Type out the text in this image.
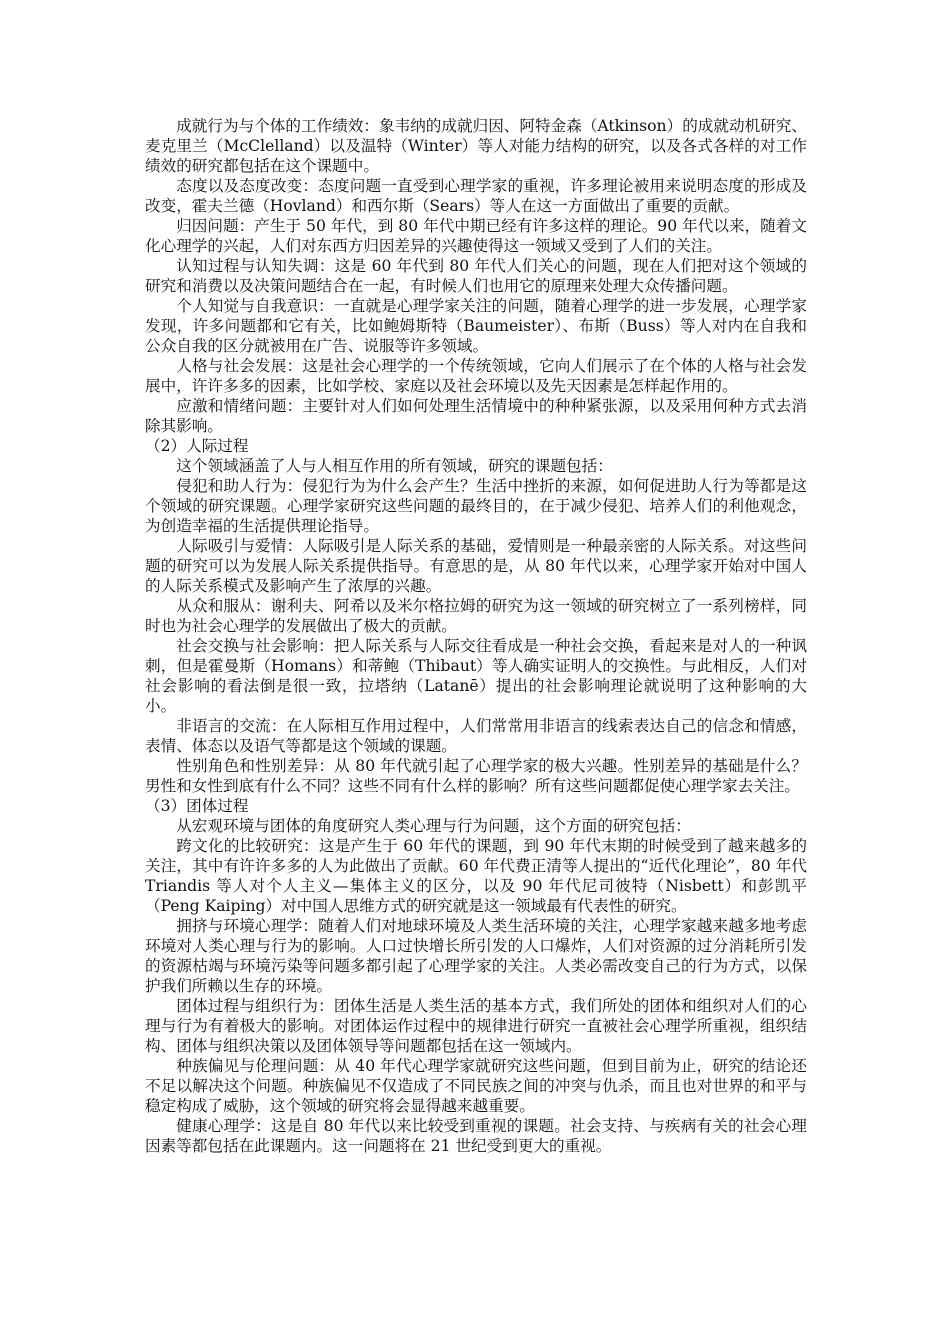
成就行为与个体的工作绩效：象韦纳的成就归因、阿特金森（Atkinson）的成就动机研究、麦克里兰（McClelland）以及温特（Winter）等人对能力结构的研究，以及各式各样的对工作绩效的研究都包括在这个课题中。

态度以及态度改变：态度问题一直受到心理学家的重视，许多理论被用来说明态度的形成及改变，霍夫兰德（Hovland）和西尔斯（Sears）等人在这一方面做出了重要的贡献。

归因问题：产生于 50 年代，到 80 年代中期已经有许多这样的理论。90 年代以来，随着文化心理学的兴起，人们对东西方归因差异的兴趣使得这一领域又受到了人们的关注。

认知过程与认知失调：这是 60 年代到 80 年代人们关心的问题，现在人们把对这个领域的研究和消费以及决策问题结合在一起，有时候人们也用它的原理来处理大众传播问题。

个人知觉与自我意识：一直就是心理学家关注的问题，随着心理学的进一步发展，心理学家发现，许多问题都和它有关，比如鲍姆斯特（Baumeister）、布斯（Buss）等人对内在自我和公众自我的区分就被用在广告、说服等许多领域。

人格与社会发展：这是社会心理学的一个传统领域，它向人们展示了在个体的人格与社会发展中，许许多多的因素，比如学校、家庭以及社会环境以及先天因素是怎样起作用的。

应激和情绪问题：主要针对人们如何处理生活情境中的种种紧张源，以及采用何种方式去消除其影响。

（2）人际过程

这个领域涵盖了人与人相互作用的所有领域，研究的课题包括：

侵犯和助人行为：侵犯行为为什么会产生？生活中挫折的来源，如何促进助人行为等都是这个领域的研究课题。心理学家研究这些问题的最终目的，在于减少侵犯、培养人们的利他观念，为创造幸福的生活提供理论指导。

人际吸引与爱情：人际吸引是人际关系的基础，爱情则是一种最亲密的人际关系。对这些问题的研究可以为发展人际关系提供指导。有意思的是，从 80 年代以来，心理学家开始对中国人的人际关系模式及影响产生了浓厚的兴趣。

从众和服从：谢利夫、阿希以及米尔格拉姆的研究为这一领域的研究树立了一系列榜样，同时也为社会心理学的发展做出了极大的贡献。

社会交换与社会影响：把人际关系与人际交往看成是一种社会交换，看起来是对人的一种讽刺，但是霍曼斯（Homans）和蒂鲍（Thibaut）等人确实证明人的交换性。与此相反，人们对社会影响的看法倒是很一致，拉塔纳（Latanē）提出的社会影响理论就说明了这种影响的大小。

非语言的交流：在人际相互作用过程中，人们常常用非语言的线索表达自己的信念和情感，表情、体态以及语气等都是这个领域的课题。

性别角色和性别差异：从 80 年代就引起了心理学家的极大兴趣。性别差异的基础是什么？男性和女性到底有什么不同？这些不同有什么样的影响？所有这些问题都促使心理学家去关注。

（3）团体过程

从宏观环境与团体的角度研究人类心理与行为问题，这个方面的研究包括：

跨文化的比较研究：这是产生于 60 年代的课题，到 90 年代末期的时候受到了越来越多的关注，其中有许许多多的人为此做出了贡献。60 年代费正清等人提出的“近代化理论”，80 年代 Triandis 等人对个人主义—集体主义的区分，以及 90 年代尼司彼特（Nisbett）和彭凯平（Peng Kaiping）对中国人思维方式的研究就是这一领域最有代表性的研究。

拥挤与环境心理学：随着人们对地球环境及人类生活环境的关注，心理学家越来越多地考虑环境对人类心理与行为的影响。人口过快增长所引发的人口爆炸，人们对资源的过分消耗所引发的资源枯竭与环境污染等问题多都引起了心理学家的关注。人类必需改变自己的行为方式，以保护我们所赖以生存的环境。

团体过程与组织行为：团体生活是人类生活的基本方式，我们所处的团体和组织对人们的心理与行为有着极大的影响。对团体运作过程中的规律进行研究一直被社会心理学所重视，组织结构、团体与组织决策以及团体领导等问题都包括在这一领域内。

种族偏见与伦理问题：从 40 年代心理学家就研究这些问题，但到目前为止，研究的结论还不足以解决这个问题。种族偏见不仅造成了不同民族之间的冲突与仇杀，而且也对世界的和平与稳定构成了威胁，这个领域的研究将会显得越来越重要。

健康心理学：这是自 80 年代以来比较受到重视的课题。社会支持、与疾病有关的社会心理因素等都包括在此课题内。这一问题将在 21 世纪受到更大的重视。
